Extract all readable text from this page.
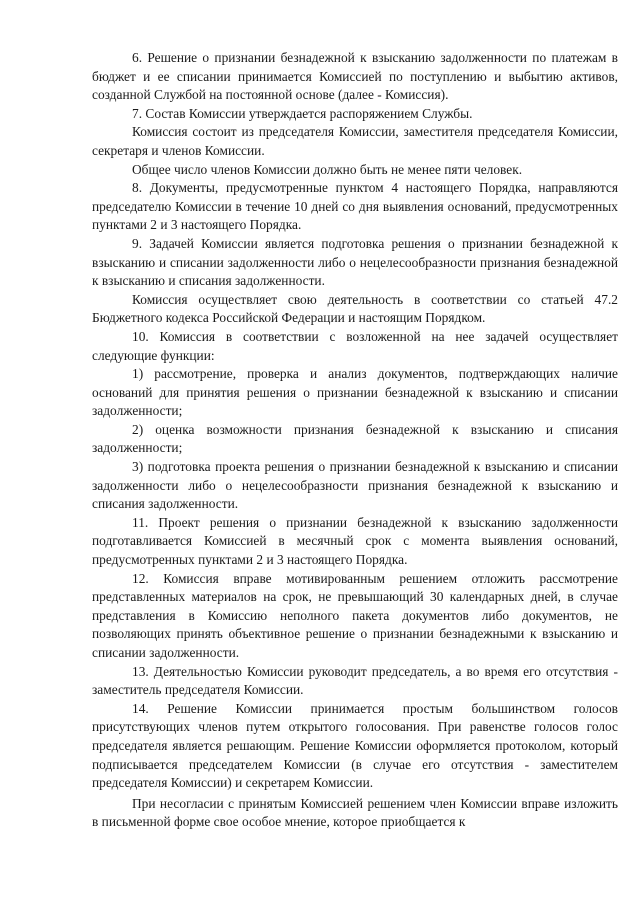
6. Решение о признании безнадежной к взысканию задолженности по платежам в бюджет и ее списании принимается Комиссией по поступлению и выбытию активов, созданной Службой на постоянной основе (далее - Комиссия).

7. Состав Комиссии утверждается распоряжением Службы.

Комиссия состоит из председателя Комиссии, заместителя председателя Комиссии, секретаря и членов Комиссии.

Общее число членов Комиссии должно быть не менее пяти человек.

8. Документы, предусмотренные пунктом 4 настоящего Порядка, направляются председателю Комиссии в течение 10 дней со дня выявления оснований, предусмотренных пунктами 2 и 3 настоящего Порядка.

9. Задачей Комиссии является подготовка решения о признании безнадежной к взысканию и списании задолженности либо о нецелесообразности признания безнадежной к взысканию и списания задолженности.

Комиссия осуществляет свою деятельность в соответствии со статьей 47.2 Бюджетного кодекса Российской Федерации и настоящим Порядком.

10. Комиссия в соответствии с возложенной на нее задачей осуществляет следующие функции:

1) рассмотрение, проверка и анализ документов, подтверждающих наличие оснований для принятия решения о признании безнадежной к взысканию и списании задолженности;

2) оценка возможности признания безнадежной к взысканию и списания задолженности;

3) подготовка проекта решения о признании безнадежной к взысканию и списании задолженности либо о нецелесообразности признания безнадежной к взысканию и списания задолженности.

11. Проект решения о признании безнадежной к взысканию задолженности подготавливается Комиссией в месячный срок с момента выявления оснований, предусмотренных пунктами 2 и 3 настоящего Порядка.

12. Комиссия вправе мотивированным решением отложить рассмотрение представленных материалов на срок, не превышающий 30 календарных дней, в случае представления в Комиссию неполного пакета документов либо документов, не позволяющих принять объективное решение о признании безнадежными к взысканию и списании задолженности.

13. Деятельностью Комиссии руководит председатель, а во время его отсутствия - заместитель председателя Комиссии.

14. Решение Комиссии принимается простым большинством голосов присутствующих членов путем открытого голосования. При равенстве голосов голос председателя является решающим. Решение Комиссии оформляется протоколом, который подписывается председателем Комиссии (в случае его отсутствия - заместителем председателя Комиссии) и секретарем Комиссии.

При несогласии с принятым Комиссией решением член Комиссии вправе изложить в письменной форме свое особое мнение, которое приобщается к
